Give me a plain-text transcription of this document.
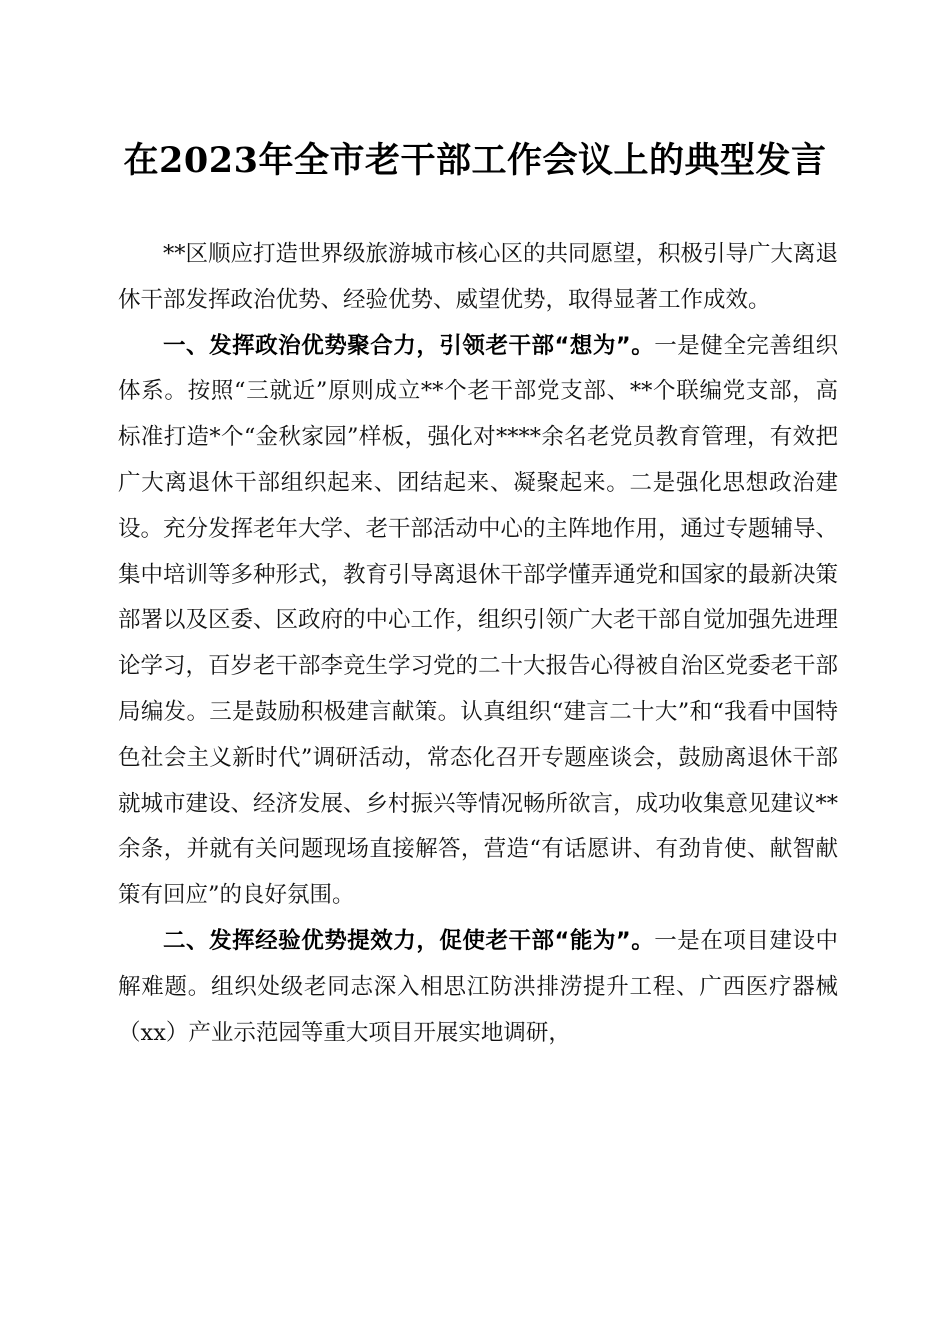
在2023年全市老干部工作会议上的典型发言

**区顺应打造世界级旅游城市核心区的共同愿望，积极引导广大离退休干部发挥政治优势、经验优势、威望优势，取得显著工作成效。

一、发挥政治优势聚合力，引领老干部“想为”。一是健全完善组织体系。按照“三就近”原则成立**个老干部党支部、**个联编党支部，高标准打造*个“金秋家园”样板，强化对****余名老党员教育管理，有效把广大离退休干部组织起来、团结起来、凝聚起来。二是强化思想政治建设。充分发挥老年大学、老干部活动中心的主阵地作用，通过专题辅导、集中培训等多种形式，教育引导离退休干部学懂弄通党和国家的最新决策部署以及区委、区政府的中心工作，组织引领广大老干部自觉加强先进理论学习，百岁老干部李竞生学习党的二十大报告心得被自治区党委老干部局编发。三是鼓励积极建言献策。认真组织“建言二十大”和“我看中国特色社会主义新时代”调研活动，常态化召开专题座谈会，鼓励离退休干部就城市建设、经济发展、乡村振兴等情况畅所欲言，成功收集意见建议**余条，并就有关问题现场直接解答，营造“有话愿讲、有劲肯使、献智献策有回应”的良好氛围。

二、发挥经验优势提效力，促使老干部“能为”。一是在项目建设中解难题。组织处级老同志深入相思江防洪排涝提升工程、广西医疗器械（xx）产业示范园等重大项目开展实地调研，
